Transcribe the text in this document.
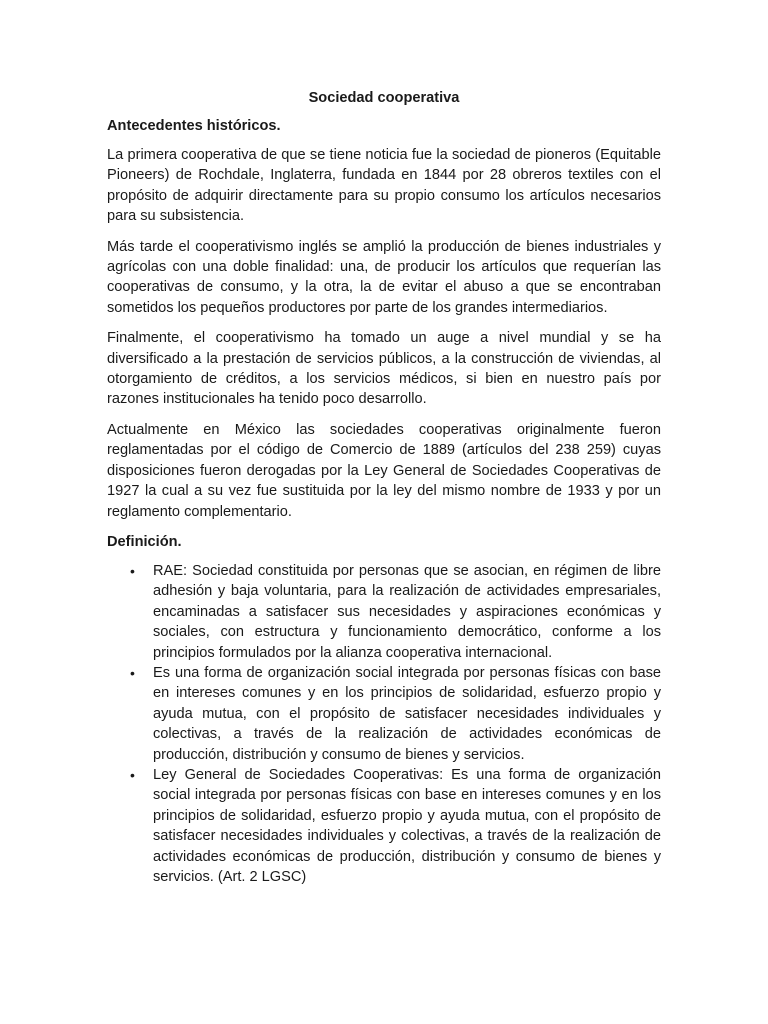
Sociedad cooperativa
Antecedentes históricos.

La primera cooperativa de que se tiene noticia fue la sociedad de pioneros (Equitable Pioneers) de Rochdale, Inglaterra, fundada en 1844 por 28 obreros textiles con el propósito de adquirir directamente para su propio consumo los artículos necesarios para su subsistencia.

Más tarde el cooperativismo inglés se amplió la producción de bienes industriales y agrícolas con una doble finalidad: una, de producir los artículos que requerían las cooperativas de consumo, y la otra, la de evitar el abuso a que se encontraban sometidos los pequeños productores por parte de los grandes intermediarios.

Finalmente, el cooperativismo ha tomado un auge a nivel mundial y se ha diversificado a la prestación de servicios públicos, a la construcción de viviendas, al otorgamiento de créditos, a los servicios médicos, si bien en nuestro país por razones institucionales ha tenido poco desarrollo.

Actualmente en México las sociedades cooperativas originalmente fueron reglamentadas por el código de Comercio de 1889 (artículos del 238 259) cuyas disposiciones fueron derogadas por la Ley General de Sociedades Cooperativas de 1927 la cual a su vez fue sustituida por la ley del mismo nombre de 1933 y por un reglamento complementario.

Definición.
• RAE: Sociedad constituida por personas que se asocian, en régimen de libre adhesión y baja voluntaria, para la realización de actividades empresariales, encaminadas a satisfacer sus necesidades y aspiraciones económicas y sociales, con estructura y funcionamiento democrático, conforme a los principios formulados por la alianza cooperativa internacional.
• Es una forma de organización social integrada por personas físicas con base en intereses comunes y en los principios de solidaridad, esfuerzo propio y ayuda mutua, con el propósito de satisfacer necesidades individuales y colectivas, a través de la realización de actividades económicas de producción, distribución y consumo de bienes y servicios.
• Ley General de Sociedades Cooperativas: Es una forma de organización social integrada por personas físicas con base en intereses comunes y en los principios de solidaridad, esfuerzo propio y ayuda mutua, con el propósito de satisfacer necesidades individuales y colectivas, a través de la realización de actividades económicas de producción, distribución y consumo de bienes y servicios. (Art. 2 LGSC)
